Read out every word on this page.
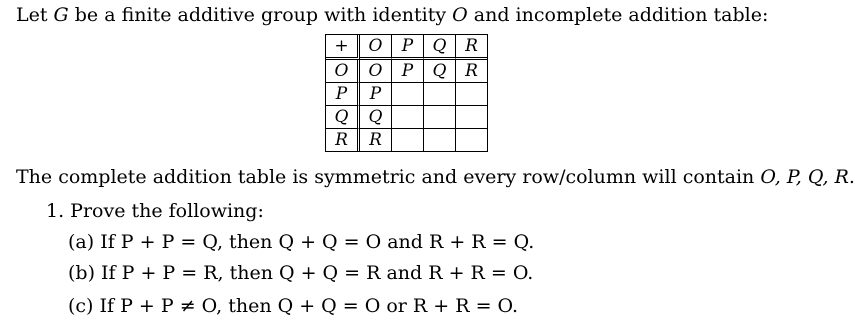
Let G be a finite additive group with identity O and incomplete addition table:
+	O	P	Q	R
O	O	P	Q	R
P	P			
Q	Q			
R	R			
The complete addition table is symmetric and every row/column will contain O, P, Q, R.
1. Prove the following:
(a) If P + P = Q, then Q + Q = O and R + R = Q.
(b) If P + P = R, then Q + Q = R and R + R = O.
(c) If P + P ≠ O, then Q + Q = O or R + R = O.
